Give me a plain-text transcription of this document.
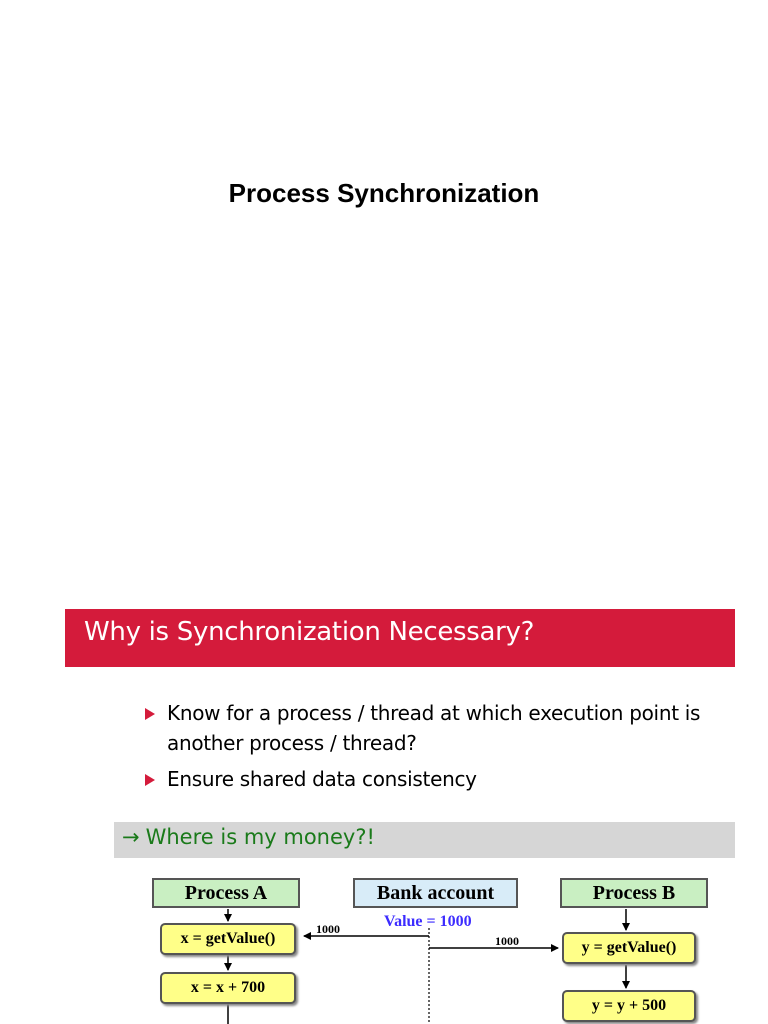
Process Synchronization
Why is Synchronization Necessary?
Know for a process / thread at which execution point is another process / thread?
Ensure shared data consistency
→ Where is my money?!
Process A	Bank account	Process B
Value = 1000
x = getValue()
x = x + 700
y = getValue()
y = y + 500
1000
1000
